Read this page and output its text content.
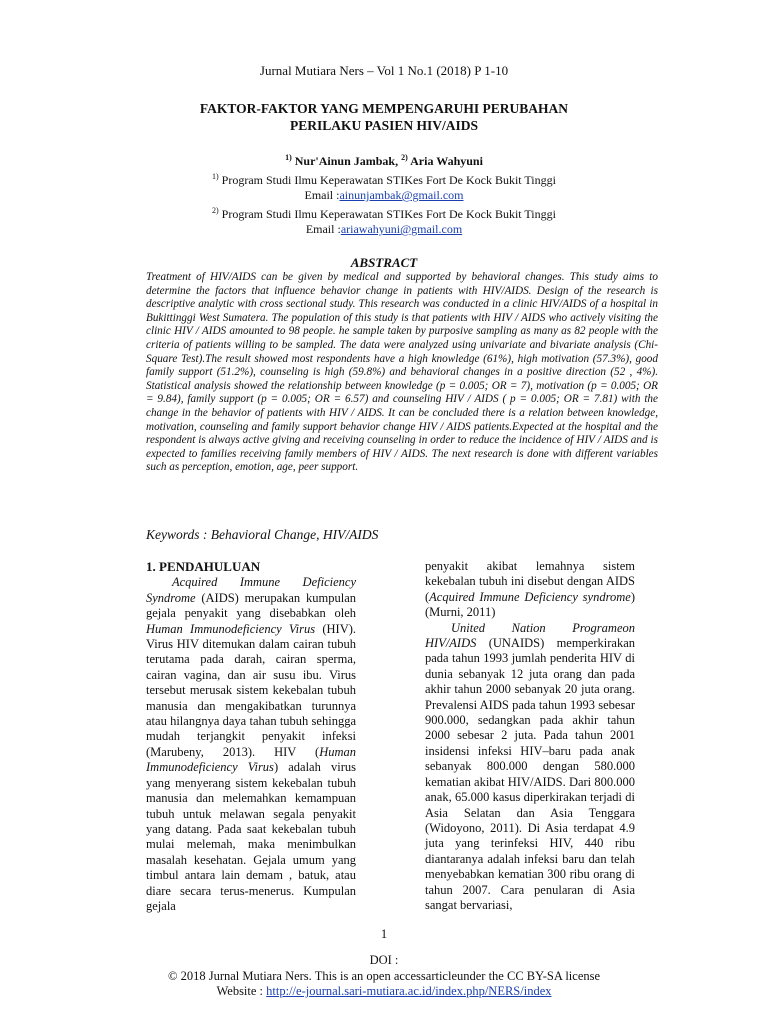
Jurnal Mutiara Ners – Vol 1 No.1 (2018) P 1-10
FAKTOR-FAKTOR YANG MEMPENGARUHI PERUBAHAN
PERILAKU PASIEN HIV/AIDS
$^{1)}$ Nur'Ainun Jambak, $^{2)}$ Aria Wahyuni
$^{1)}$ Program Studi Ilmu Keperawatan STIKes Fort De Kock Bukit Tinggi
Email :ainunjambak@gmail.com
$^{2)}$ Program Studi Ilmu Keperawatan STIKes Fort De Kock Bukit Tinggi
Email :ariawahyuni@gmail.com
ABSTRACT
Treatment of HIV/AIDS can be given by medical and supported by behavioral changes. This study aims to determine the factors that influence behavior change in patients with HIV/AIDS. Design of the research is descriptive analytic with cross sectional study. This research was conducted in a clinic HIV/AIDS of a hospital in Bukittinggi West Sumatera. The population of this study is that patients with HIV / AIDS who actively visiting the clinic HIV / AIDS amounted to 98 people. he sample taken by purposive sampling as many as 82 people with the criteria of patients willing to be sampled. The data were analyzed using univariate and bivariate analysis (Chi-Square Test).The result showed most respondents have a high knowledge (61%), high motivation (57.3%), good family support (51.2%), counseling is high (59.8%) and behavioral changes in a positive direction (52 , 4%). Statistical analysis showed the relationship between knowledge (p = 0.005; OR = 7), motivation (p = 0.005; OR = 9.84), family support (p = 0.005; OR = 6.57) and counseling HIV / AIDS ( p = 0.005; OR = 7.81) with the change in the behavior of patients with HIV / AIDS. It can be concluded there is a relation between knowledge, motivation, counseling and family support behavior change HIV / AIDS patients.Expected at the hospital and the respondent is always active giving and receiving counseling in order to reduce the incidence of HIV / AIDS and is expected to families receiving family members of HIV / AIDS. The next research is done with different variables such as perception, emotion, age, peer support.
Keywords : Behavioral Change, HIV/AIDS
1. PENDAHULUAN

Acquired Immune Deficiency Syndrome (AIDS) merupakan kumpulan gejala penyakit yang disebabkan oleh Human Immunodeficiency Virus (HIV). Virus HIV ditemukan dalam cairan tubuh terutama pada darah, cairan sperma, cairan vagina, dan air susu ibu. Virus tersebut merusak sistem kekebalan tubuh manusia dan mengakibatkan turunnya atau hilangnya daya tahan tubuh sehingga mudah terjangkit penyakit infeksi (Marubeny, 2013). HIV (Human Immunodeficiency Virus) adalah virus yang menyerang sistem kekebalan tubuh manusia dan melemahkan kemampuan tubuh untuk melawan segala penyakit yang datang. Pada saat kekebalan tubuh mulai melemah, maka menimbulkan masalah kesehatan. Gejala umum yang timbul antara lain demam , batuk, atau diare secara terus-menerus. Kumpulan gejala

penyakit akibat lemahnya sistem kekebalan tubuh ini disebut dengan AIDS (Acquired Immune Deficiency syndrome) (Murni, 2011)

United Nation Programeon HIV/AIDS (UNAIDS) memperkirakan pada tahun 1993 jumlah penderita HIV di dunia sebanyak 12 juta orang dan pada akhir tahun 2000 sebanyak 20 juta orang. Prevalensi AIDS pada tahun 1993 sebesar 900.000, sedangkan pada akhir tahun 2000 sebesar 2 juta. Pada tahun 2001 insidensi infeksi HIV–baru pada anak sebanyak 800.000 dengan 580.000 kematian akibat HIV/AIDS. Dari 800.000 anak, 65.000 kasus diperkirakan terjadi di Asia Selatan dan Asia Tenggara (Widoyono, 2011). Di Asia terdapat 4.9 juta yang terinfeksi HIV, 440 ribu diantaranya adalah infeksi baru dan telah menyebabkan kematian 300 ribu orang di tahun 2007. Cara penularan di Asia sangat bervariasi,

1
DOI :
© 2018 Jurnal Mutiara Ners. This is an open accessarticleunder the CC BY-SA license
Website : http://e-journal.sari-mutiara.ac.id/index.php/NERS/index
